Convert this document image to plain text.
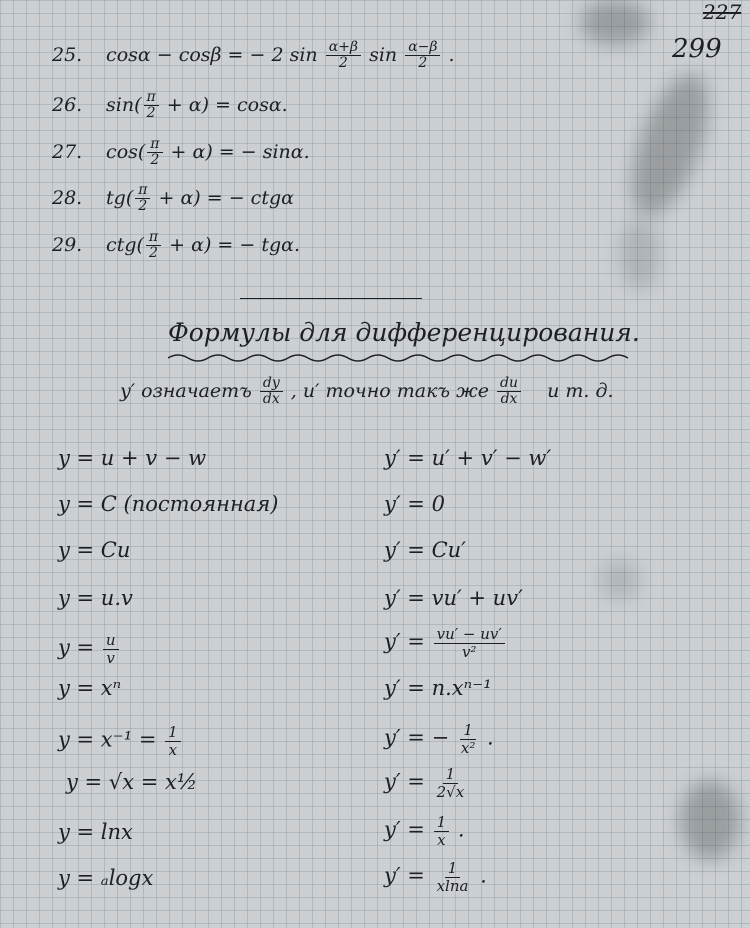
227
299
25. cosα − cosβ = − 2 $\sin \frac{\alpha+\beta}{2}$ $\sin \frac{\alpha-\beta}{2}$ .
26. $\sin( \frac{\pi}{2} + \alpha) = \cos\alpha$.
27. $\cos( \frac{\pi}{2} + \alpha)$ = − sinα.
28. $tg( \frac{\pi}{2} + \alpha)$ = − ctgα
29. $ctg( \frac{\pi}{2} + \alpha)$ = − tgα.
Формулы для дифференцирования.
y′ означаетъ $\frac{dy}{dx}$ , u′ точно такъ же $\frac{du}{dx}$ и т. д.
y = u + v − w
y = C (постоянная)
y = Cu
y = u.v
$y = \frac{u}{v}$
y = xⁿ
$y = x^{-1} = \frac{1}{x}$
y = √x = x½
y = lnx
y = ₐlogx
y′ = u′ + v′ − w′
y′ = 0
y′ = Cu′
y′ = vu′ + uv′
$y' = \frac{vu' - uv'}{\text{v²}}$
y′ = n.xⁿ⁻¹
y′ = − $\frac{1}{\text{x²}}$ .
$y' = \frac{1}{2√x}$
$y' = \frac{1}{x}$ .
$y' = \frac{1}{xlna}$ .
